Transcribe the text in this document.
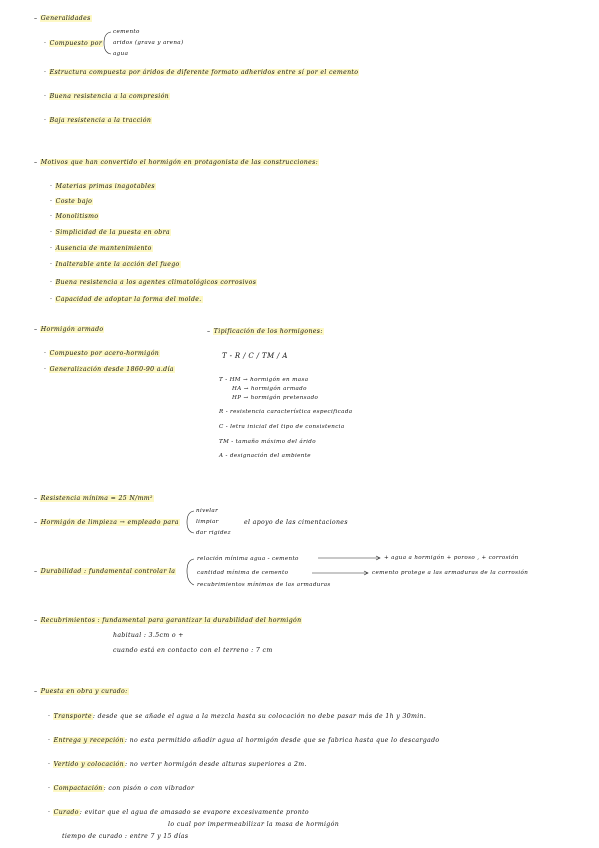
– Generalidades
· Compuesto por
cemento
aridos (grava y arena)
agua
· Estructura compuesta por áridos de diferente formato adheridos entre sí por el cemento
· Buena resistencia a la compresión
· Baja resistencia a la tracción
– Motivos que han convertido el hormigón en protagonista de las construcciones:
· Materias primas inagotables
· Coste bajo
· Monolitismo
· Simplicidad de la puesta en obra
· Ausencia de mantenimiento
· Inalterable ante la acción del fuego
· Buena resistencia a los agentes climatológicos corrosivos
· Capacidad de adoptar la forma del molde.
– Hormigón armado
· Compuesto por acero-hormigón
· Generalización desde 1860-90 a.día
– Tipificación de los hormigones:
T - R / C / TM / A
T - HM → hormigón en masa
HA → hormigón armado
HP → hormigón pretensado
R - resistencia característica especificada
C - letra inicial del tipo de consistencia
TM - tamaño máximo del árido
A - designación del ambiente
– Resistencia mínima = 25 N/mm²
– Hormigón de limpieza → empleado para
nivelar
limpiar
dar rigidez
el apoyo de las cimentaciones
– Durabilidad : fundamental controlar la
relación mínima agua - cemento
cantidad mínima de cemento
recubrimientos mínimos de las armaduras
+ agua a hormigón + poroso , + corrosión
cemento protege a las armaduras de la corrosión
– Recubrimientos : fundamental para garantizar la durabilidad del hormigón
habitual : 3.5cm o +
cuando está en contacto con el terreno : 7 cm
– Puesta en obra y curado:
· Transporte: desde que se añade el agua a la mezcla hasta su colocación no debe pasar más de 1h y 30min.
· Entrega y recepción: no esta permitido añadir agua al hormigón desde que se fabrica hasta que lo descargado
· Vertido y colocación: no verter hormigón desde alturas superiores a 2m.
· Compactación: con pisón o con vibrador
· Curado: evitar que el agua de amasado se evapore excesivamente pronto
lo cual por impermeabilizar la masa de hormigón
tiempo de curado : entre 7 y 15 días
